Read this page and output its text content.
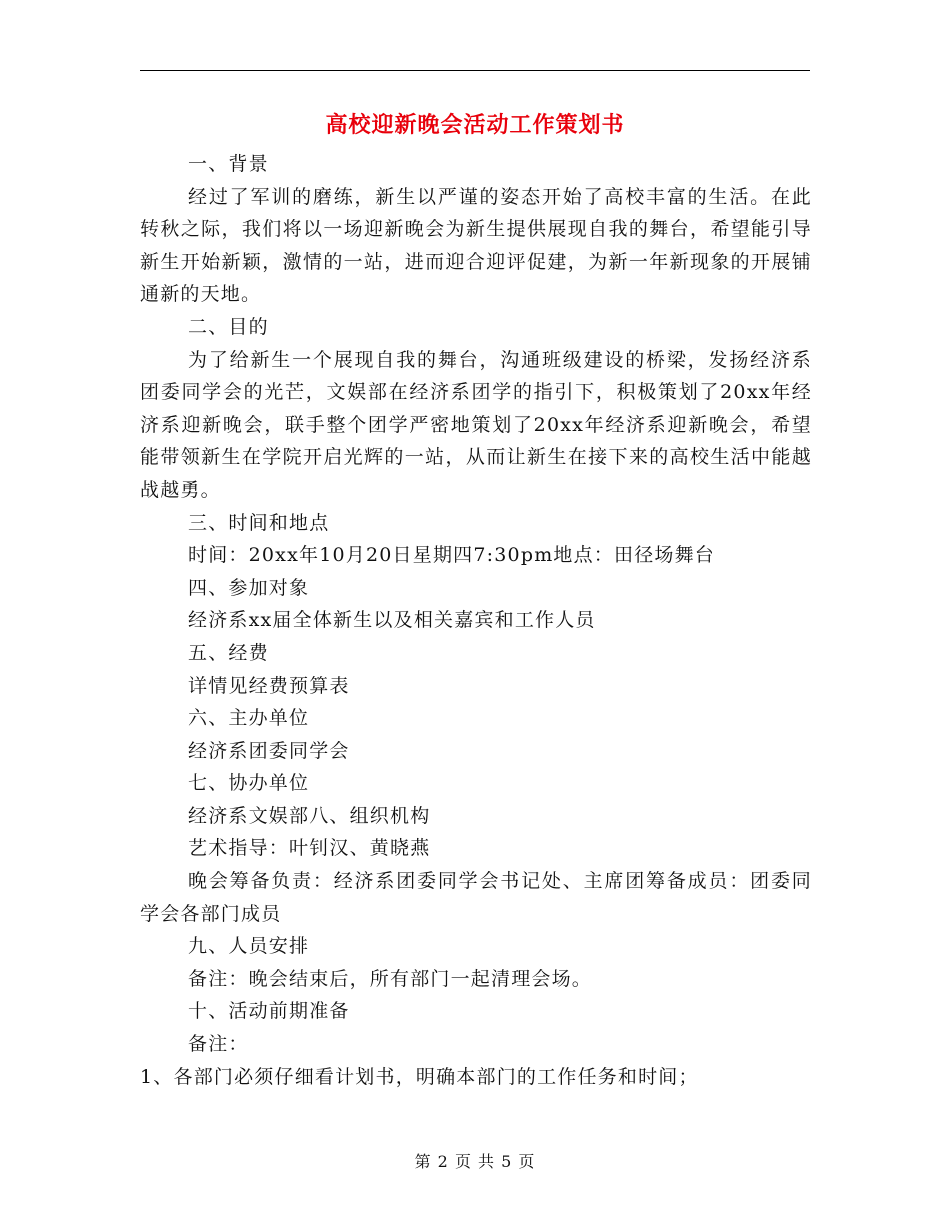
高校迎新晚会活动工作策划书

一、背景

经过了军训的磨练，新生以严谨的姿态开始了高校丰富的生活。在此转秋之际，我们将以一场迎新晚会为新生提供展现自我的舞台，希望能引导新生开始新颖，激情的一站，进而迎合迎评促建，为新一年新现象的开展铺通新的天地。

二、目的

为了给新生一个展现自我的舞台，沟通班级建设的桥梁，发扬经济系团委同学会的光芒，文娱部在经济系团学的指引下，积极策划了20xx年经济系迎新晚会，联手整个团学严密地策划了20xx年经济系迎新晚会，希望能带领新生在学院开启光辉的一站，从而让新生在接下来的高校生活中能越战越勇。

三、时间和地点

时间：20xx年10月20日星期四7:30pm地点：田径场舞台

四、参加对象

经济系xx届全体新生以及相关嘉宾和工作人员

五、经费

详情见经费预算表

六、主办单位

经济系团委同学会

七、协办单位

经济系文娱部八、组织机构

艺术指导：叶钊汉、黄晓燕

晚会筹备负责：经济系团委同学会书记处、主席团筹备成员：团委同学会各部门成员

九、人员安排

备注：晚会结束后，所有部门一起清理会场。

十、活动前期准备

备注：

1、各部门必须仔细看计划书，明确本部门的工作任务和时间；

第 2 页 共 5 页
